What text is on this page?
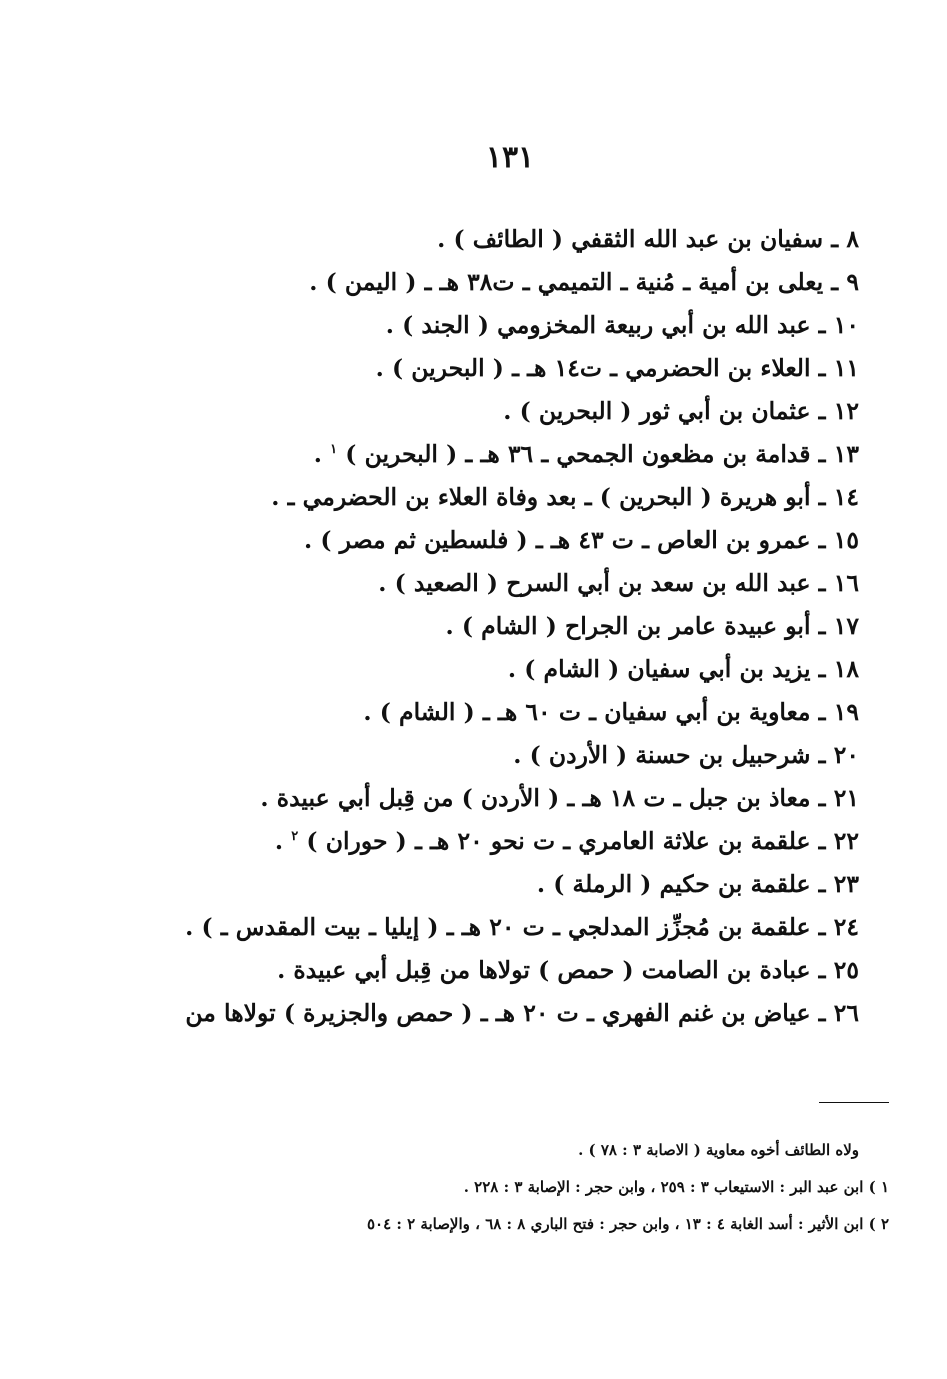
١٣١
٨ ـ سفيان بن عبد الله الثقفي ( الطائف ) .
٩ ـ يعلى بن أمية ـ مُنية ـ التميمي ـ ت٣٨ هـ ـ ( اليمن ) .
١٠ ـ عبد الله بن أبي ربيعة المخزومي ( الجند ) .
١١ ـ العلاء بن الحضرمي ـ ت١٤ هـ ـ ( البحرين ) .
١٢ ـ عثمان بن أبي ثور ( البحرين ) .
١٣ ـ قدامة بن مظعون الجمحي ـ ٣٦ هـ ـ ( البحرين ) $^١$ .
١٤ ـ أبو هريرة ( البحرين ) ـ بعد وفاة العلاء بن الحضرمي ـ .
١٥ ـ عمرو بن العاص ـ ت ٤٣ هـ ـ ( فلسطين ثم مصر ) .
١٦ ـ عبد الله بن سعد بن أبي السرح ( الصعيد ) .
١٧ ـ أبو عبيدة عامر بن الجراح ( الشام ) .
١٨ ـ يزيد بن أبي سفيان ( الشام ) .
١٩ ـ معاوية بن أبي سفيان ـ ت ٦٠ هـ ـ ( الشام ) .
٢٠ ـ شرحبيل بن حسنة ( الأردن ) .
٢١ ـ معاذ بن جبل ـ ت ١٨ هـ ـ ( الأردن ) من قِبل أبي عبيدة .
٢٢ ـ علقمة بن علاثة العامري ـ ت نحو ٢٠ هـ ـ ( حوران ) $^٢$ .
٢٣ ـ علقمة بن حكيم ( الرملة ) .
٢٤ ـ علقمة بن مُجزِّز المدلجي ـ ت ٢٠ هـ ـ ( إيليا ـ بيت المقدس ـ ) .
٢٥ ـ عبادة بن الصامت ( حمص ) تولاها من قِبل أبي عبيدة .
٢٦ ـ عياض بن غنم الفهري ـ ت ٢٠ هـ ـ ( حمص والجزيرة ) تولاها من
ولاه الطائف أخوه معاوية ( الاصابة ٣ : ٧٨ ) .
١ ) ابن عبد البر : الاستيعاب ٣ : ٢٥٩ ، وابن حجر : الإصابة ٣ : ٢٢٨ .
٢ ) ابن الأثير : أسد الغابة ٤ : ١٣ ، وابن حجر : فتح الباري ٨ : ٦٨ ، والإصابة ٢ : ٥٠٤
